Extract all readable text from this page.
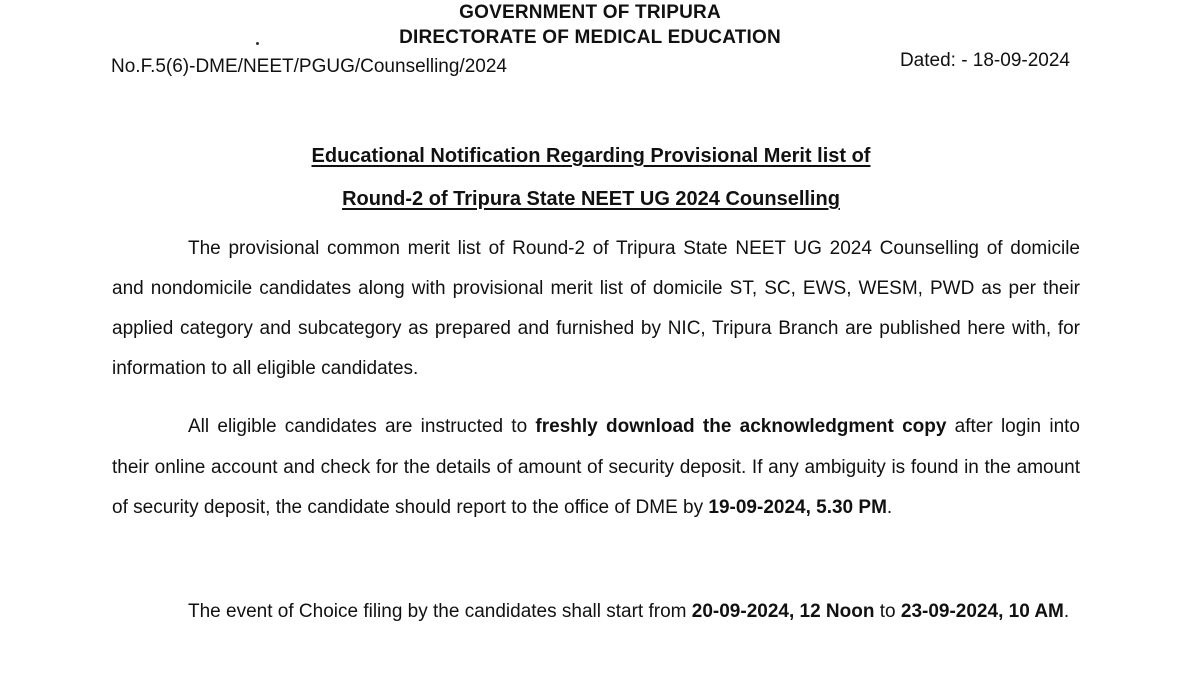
GOVERNMENT OF TRIPURA
DIRECTORATE OF MEDICAL EDUCATION
No.F.5(6)-DME/NEET/PGUG/Counselling/2024	Dated: - 18-09-2024
Educational Notification Regarding Provisional Merit list of
Round-2 of Tripura State NEET UG 2024 Counselling

The provisional common merit list of Round-2 of Tripura State NEET UG 2024 Counselling of domicile and nondomicile candidates along with provisional merit list of domicile ST, SC, EWS, WESM, PWD as per their applied category and subcategory as prepared and furnished by NIC, Tripura Branch are published here with, for information to all eligible candidates.

All eligible candidates are instructed to freshly download the acknowledgment copy after login into their online account and check for the details of amount of security deposit. If any ambiguity is found in the amount of security deposit, the candidate should report to the office of DME by 19-09-2024, 5.30 PM.

The event of Choice filing by the candidates shall start from 20-09-2024, 12 Noon to 23-09-2024, 10 AM.
